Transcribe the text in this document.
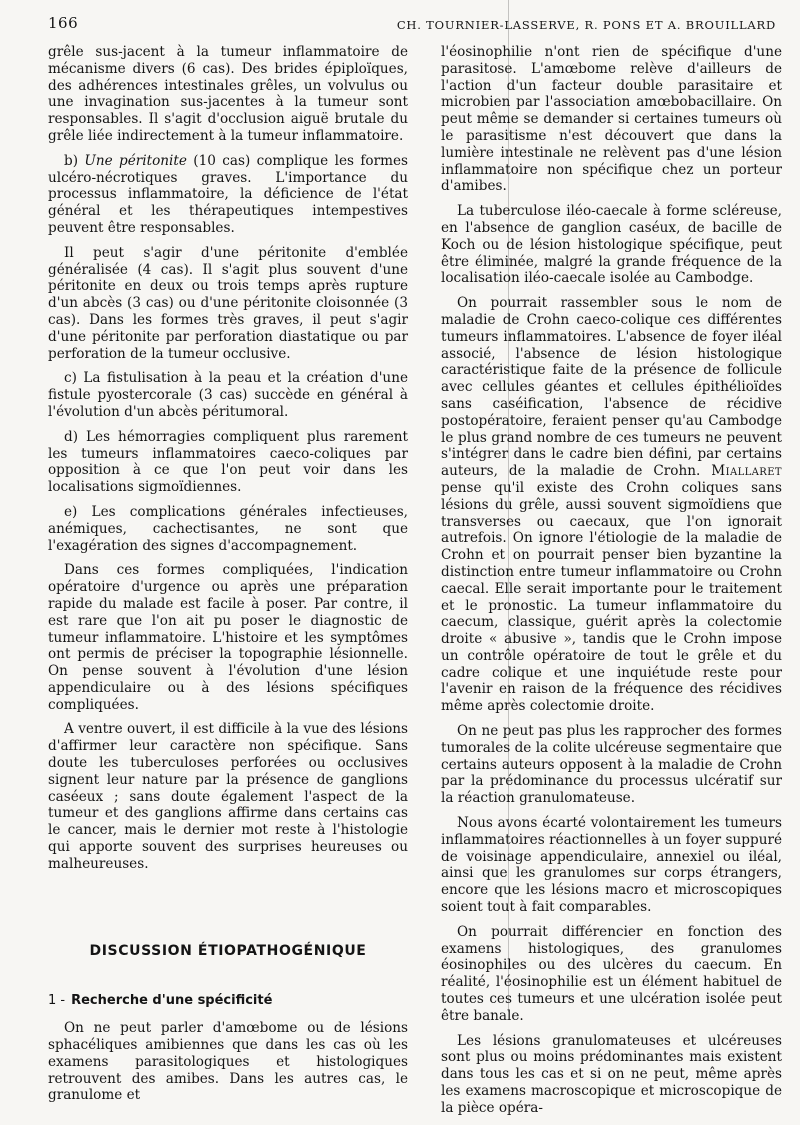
166	CH. TOURNIER-LASSERVE, R. PONS ET A. BROUILLARD

grêle sus-jacent à la tumeur inflammatoire de mécanisme divers (6 cas). Des brides épiploïques, des adhérences intestinales grêles, un volvulus ou une invagination sus-jacentes à la tumeur sont responsables. Il s'agit d'occlusion aiguë brutale du grêle liée indirectement à la tumeur inflammatoire.

b) Une péritonite (10 cas) complique les formes ulcéro-nécrotiques graves. L'importance du processus inflammatoire, la déficience de l'état général et les thérapeutiques intempestives peuvent être responsables.

Il peut s'agir d'une péritonite d'emblée généralisée (4 cas). Il s'agit plus souvent d'une péritonite en deux ou trois temps après rupture d'un abcès (3 cas) ou d'une péritonite cloisonnée (3 cas). Dans les formes très graves, il peut s'agir d'une péritonite par perforation diastatique ou par perforation de la tumeur occlusive.

c) La fistulisation à la peau et la création d'une fistule pyostercorale (3 cas) succède en général à l'évolution d'un abcès péritumoral.

d) Les hémorragies compliquent plus rarement les tumeurs inflammatoires caeco-coliques par opposition à ce que l'on peut voir dans les localisations sigmoïdiennes.

e) Les complications générales infectieuses, anémiques, cachectisantes, ne sont que l'exagération des signes d'accompagnement.

Dans ces formes compliquées, l'indication opératoire d'urgence ou après une préparation rapide du malade est facile à poser. Par contre, il est rare que l'on ait pu poser le diagnostic de tumeur inflammatoire. L'histoire et les symptômes ont permis de préciser la topographie lésionnelle. On pense souvent à l'évolution d'une lésion appendiculaire ou à des lésions spécifiques compliquées.

A ventre ouvert, il est difficile à la vue des lésions d'affirmer leur caractère non spécifique. Sans doute les tuberculoses perforées ou occlusives signent leur nature par la présence de ganglions caséeux ; sans doute également l'aspect de la tumeur et des ganglions affirme dans certains cas le cancer, mais le dernier mot reste à l'histologie qui apporte souvent des surprises heureuses ou malheureuses.

DISCUSSION ÉTIOPATHOGÉNIQUE
1 - Recherche d'une spécificité

On ne peut parler d'amœbome ou de lésions sphacéliques amibiennes que dans les cas où les examens parasitologiques et histologiques retrouvent des amibes. Dans les autres cas, le granulome et

l'éosinophilie n'ont rien de spécifique d'une parasitose. L'amœbome relève d'ailleurs de l'action d'un facteur double parasitaire et microbien par l'association amœbobacillaire. On peut même se demander si certaines tumeurs où le parasitisme n'est découvert que dans la lumière intestinale ne relèvent pas d'une lésion inflammatoire non spécifique chez un porteur d'amibes.

La tuberculose iléo-caecale à forme scléreuse, en l'absence de ganglion caséux, de bacille de Koch ou de lésion histologique spécifique, peut être éliminée, malgré la grande fréquence de la localisation iléo-caecale isolée au Cambodge.

On pourrait rassembler sous le nom de maladie de Crohn caeco-colique ces différentes tumeurs inflammatoires. L'absence de foyer iléal associé, l'absence de lésion histologique caractéristique faite de la présence de follicule avec cellules géantes et cellules épithélioïdes sans caséification, l'absence de récidive postopératoire, feraient penser qu'au Cambodge le plus grand nombre de ces tumeurs ne peuvent s'intégrer dans le cadre bien défini, par certains auteurs, de la maladie de Crohn. Miallaret pense qu'il existe des Crohn coliques sans lésions du grêle, aussi souvent sigmoïdiens que transverses ou caecaux, que l'on ignorait autrefois. On ignore l'étiologie de la maladie de Crohn et on pourrait penser bien byzantine la distinction entre tumeur inflammatoire ou Crohn caecal. Elle serait importante pour le traitement et le pronostic. La tumeur inflammatoire du caecum, classique, guérit après la colectomie droite « abusive », tandis que le Crohn impose un contrôle opératoire de tout le grêle et du cadre colique et une inquiétude reste pour l'avenir en raison de la fréquence des récidives même après colectomie droite.

On ne peut pas plus les rapprocher des formes tumorales de la colite ulcéreuse segmentaire que certains auteurs opposent à la maladie de Crohn par la prédominance du processus ulcératif sur la réaction granulomateuse.

Nous avons écarté volontairement les tumeurs inflammatoires réactionnelles à un foyer suppuré de voisinage appendiculaire, annexiel ou iléal, ainsi que les granulomes sur corps étrangers, encore que les lésions macro et microscopiques soient tout à fait comparables.

On pourrait différencier en fonction des examens histologiques, des granulomes éosinophiles ou des ulcères du caecum. En réalité, l'éosinophilie est un élément habituel de toutes ces tumeurs et une ulcération isolée peut être banale.

Les lésions granulomateuses et ulcéreuses sont plus ou moins prédominantes mais existent dans tous les cas et si on ne peut, même après les examens macroscopique et microscopique de la pièce opéra-
